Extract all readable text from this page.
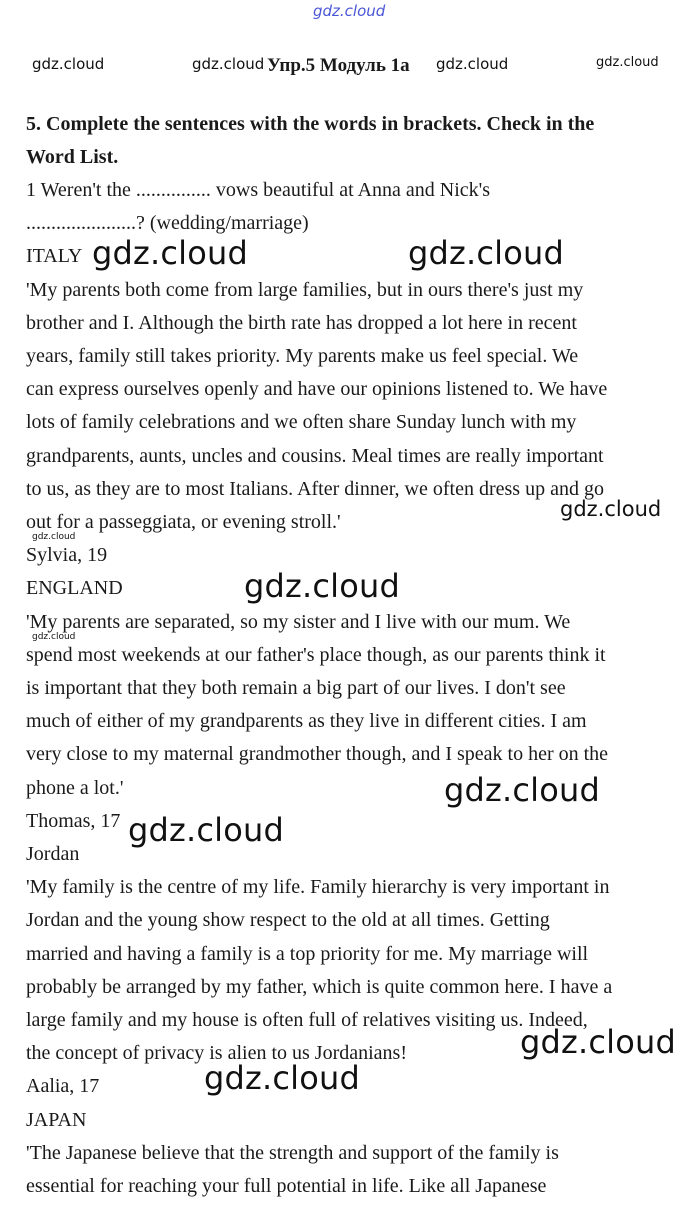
gdz.cloud
gdz.cloud	gdz.cloud	gdz.cloud	gdz.cloud
Упр.5 Модуль 1а

5. Complete the sentences with the words in brackets. Check in the

Word List.

1 Weren't the ............... vows beautiful at Anna and Nick's

......................? (wedding/marriage)

ITALY

'My parents both come from large families, but in ours there's just my

brother and I. Although the birth rate has dropped a lot here in recent

years, family still takes priority. My parents make us feel special. We

can express ourselves openly and have our opinions listened to. We have

lots of family celebrations and we often share Sunday lunch with my

grandparents, aunts, uncles and cousins. Meal times are really important

to us, as they are to most Italians. After dinner, we often dress up and go

out for a passeggiata, or evening stroll.'

Sylvia, 19

ENGLAND

'My parents are separated, so my sister and I live with our mum. We

spend most weekends at our father's place though, as our parents think it

is important that they both remain a big part of our lives. I don't see

much of either of my grandparents as they live in different cities. I am

very close to my maternal grandmother though, and I speak to her on the

phone a lot.'

Thomas, 17

Jordan

'My family is the centre of my life. Family hierarchy is very important in

Jordan and the young show respect to the old at all times. Getting

married and having a family is a top priority for me. My marriage will

probably be arranged by my father, which is quite common here. I have a

large family and my house is often full of relatives visiting us. Indeed,

the concept of privacy is alien to us Jordanians!

Aalia, 17

JAPAN

'The Japanese believe that the strength and support of the family is

essential for reaching your full potential in life. Like all Japanese

gdz.cloud	gdz.cloud
gdz.cloud
gdz.cloud
gdz.cloud
gdz.cloud
gdz.cloud
gdz.cloud
gdz.cloud
gdz.cloud
